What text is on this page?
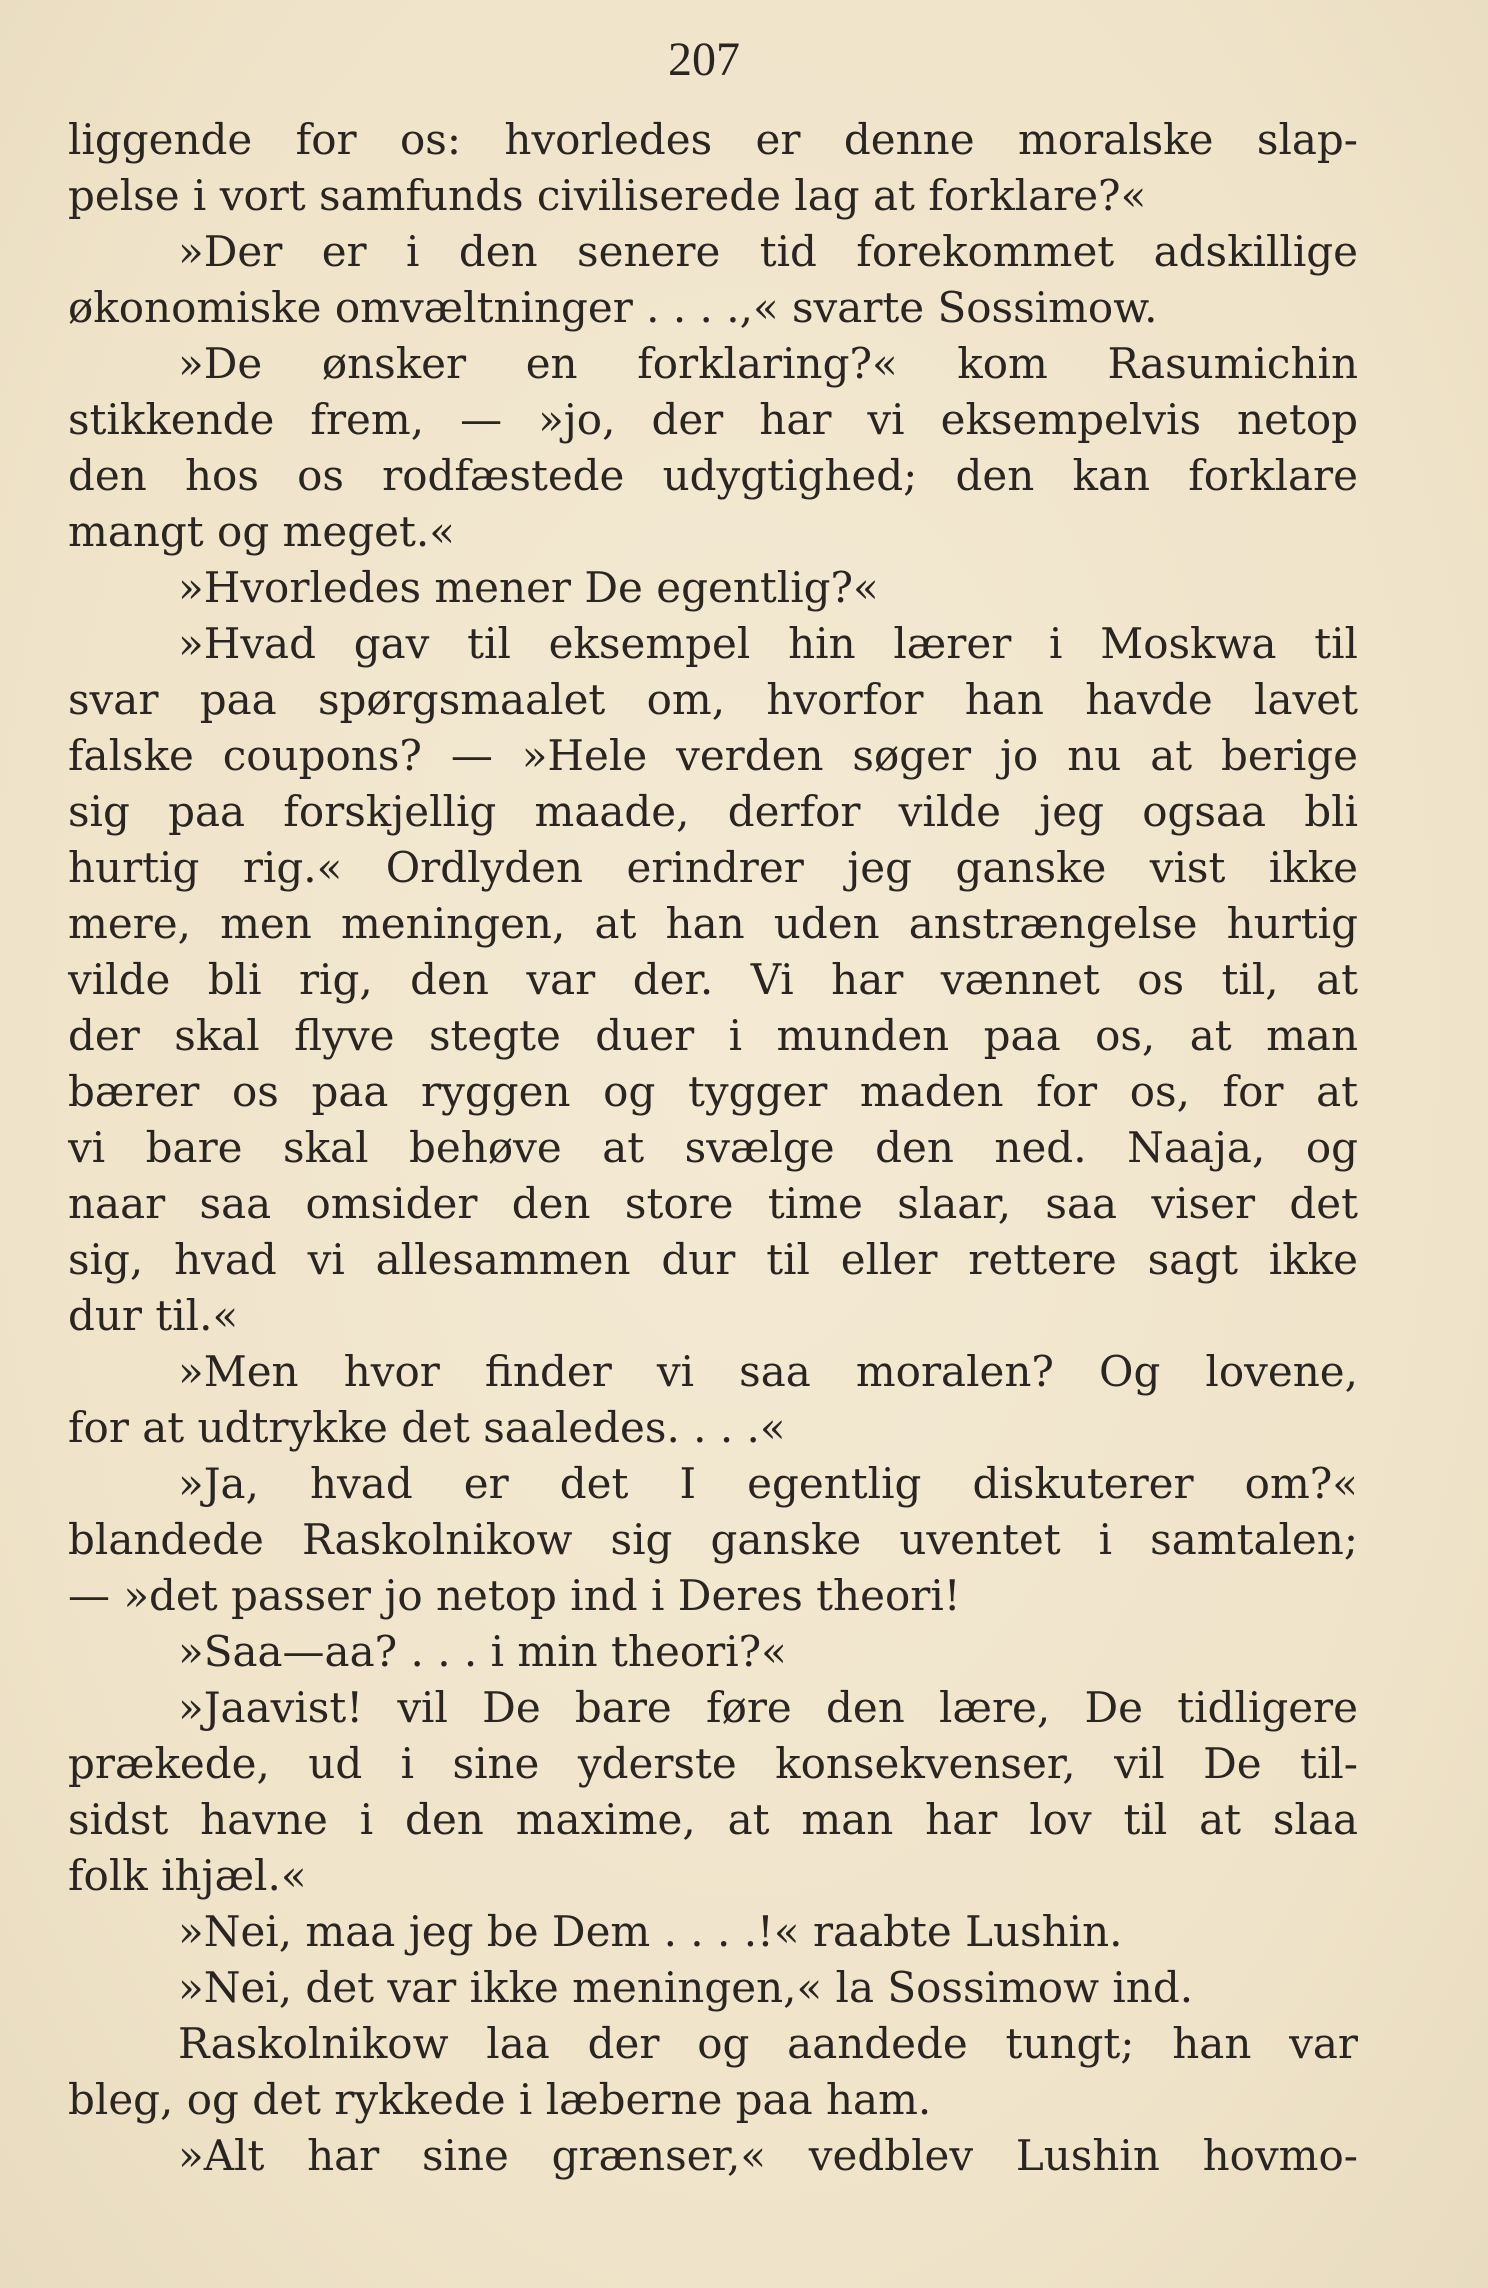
207
liggende for os: hvorledes er denne moralske slap-
pelse i vort samfunds civiliserede lag at forklare?«
»Der er i den senere tid forekommet adskillige
økonomiske omvæltninger . . . .,« svarte Sossimow.
»De ønsker en forklaring?« kom Rasumichin
stikkende frem, — »jo, der har vi eksempelvis netop
den hos os rodfæstede udygtighed; den kan forklare
mangt og meget.«
»Hvorledes mener De egentlig?«
»Hvad gav til eksempel hin lærer i Moskwa til
svar paa spørgsmaalet om, hvorfor han havde lavet
falske coupons? — »Hele verden søger jo nu at berige
sig paa forskjellig maade, derfor vilde jeg ogsaa bli
hurtig rig.« Ordlyden erindrer jeg ganske vist ikke
mere, men meningen, at han uden anstrængelse hurtig
vilde bli rig, den var der. Vi har vænnet os til, at
der skal flyve stegte duer i munden paa os, at man
bærer os paa ryggen og tygger maden for os, for at
vi bare skal behøve at svælge den ned. Naaja, og
naar saa omsider den store time slaar, saa viser det
sig, hvad vi allesammen dur til eller rettere sagt ikke
dur til.«
»Men hvor finder vi saa moralen? Og lovene,
for at udtrykke det saaledes. . . .«
»Ja, hvad er det I egentlig diskuterer om?«
blandede Raskolnikow sig ganske uventet i samtalen;
— »det passer jo netop ind i Deres theori!
»Saa—aa? . . . i min theori?«
»Jaavist! vil De bare føre den lære, De tidligere
prækede, ud i sine yderste konsekvenser, vil De til-
sidst havne i den maxime, at man har lov til at slaa
folk ihjæl.«
»Nei, maa jeg be Dem . . . .!« raabte Lushin.
»Nei, det var ikke meningen,« la Sossimow ind.
Raskolnikow laa der og aandede tungt; han var
bleg, og det rykkede i læberne paa ham.
»Alt har sine grænser,« vedblev Lushin hovmo-
